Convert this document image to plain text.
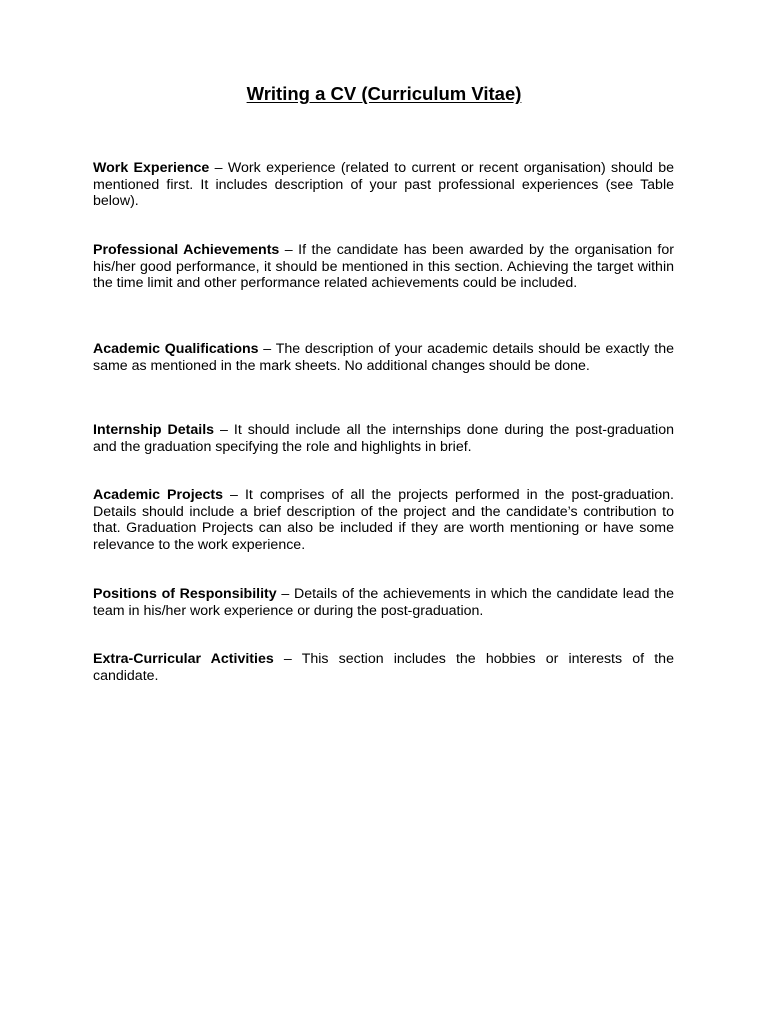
Writing a CV (Curriculum Vitae)

Work Experience – Work experience (related to current or recent organisation) should be mentioned first. It includes description of your past professional experiences (see Table below).

Professional Achievements – If the candidate has been awarded by the organisation for his/her good performance, it should be mentioned in this section. Achieving the target within the time limit and other performance related achievements could be included.

Academic Qualifications – The description of your academic details should be exactly the same as mentioned in the mark sheets. No additional changes should be done.

Internship Details – It should include all the internships done during the post-graduation and the graduation specifying the role and highlights in brief.

Academic Projects – It comprises of all the projects performed in the post-graduation. Details should include a brief description of the project and the candidate’s contribution to that. Graduation Projects can also be included if they are worth mentioning or have some relevance to the work experience.

Positions of Responsibility – Details of the achievements in which the candidate lead the team in his/her work experience or during the post-graduation.

Extra-Curricular Activities – This section includes the hobbies or interests of the candidate.
